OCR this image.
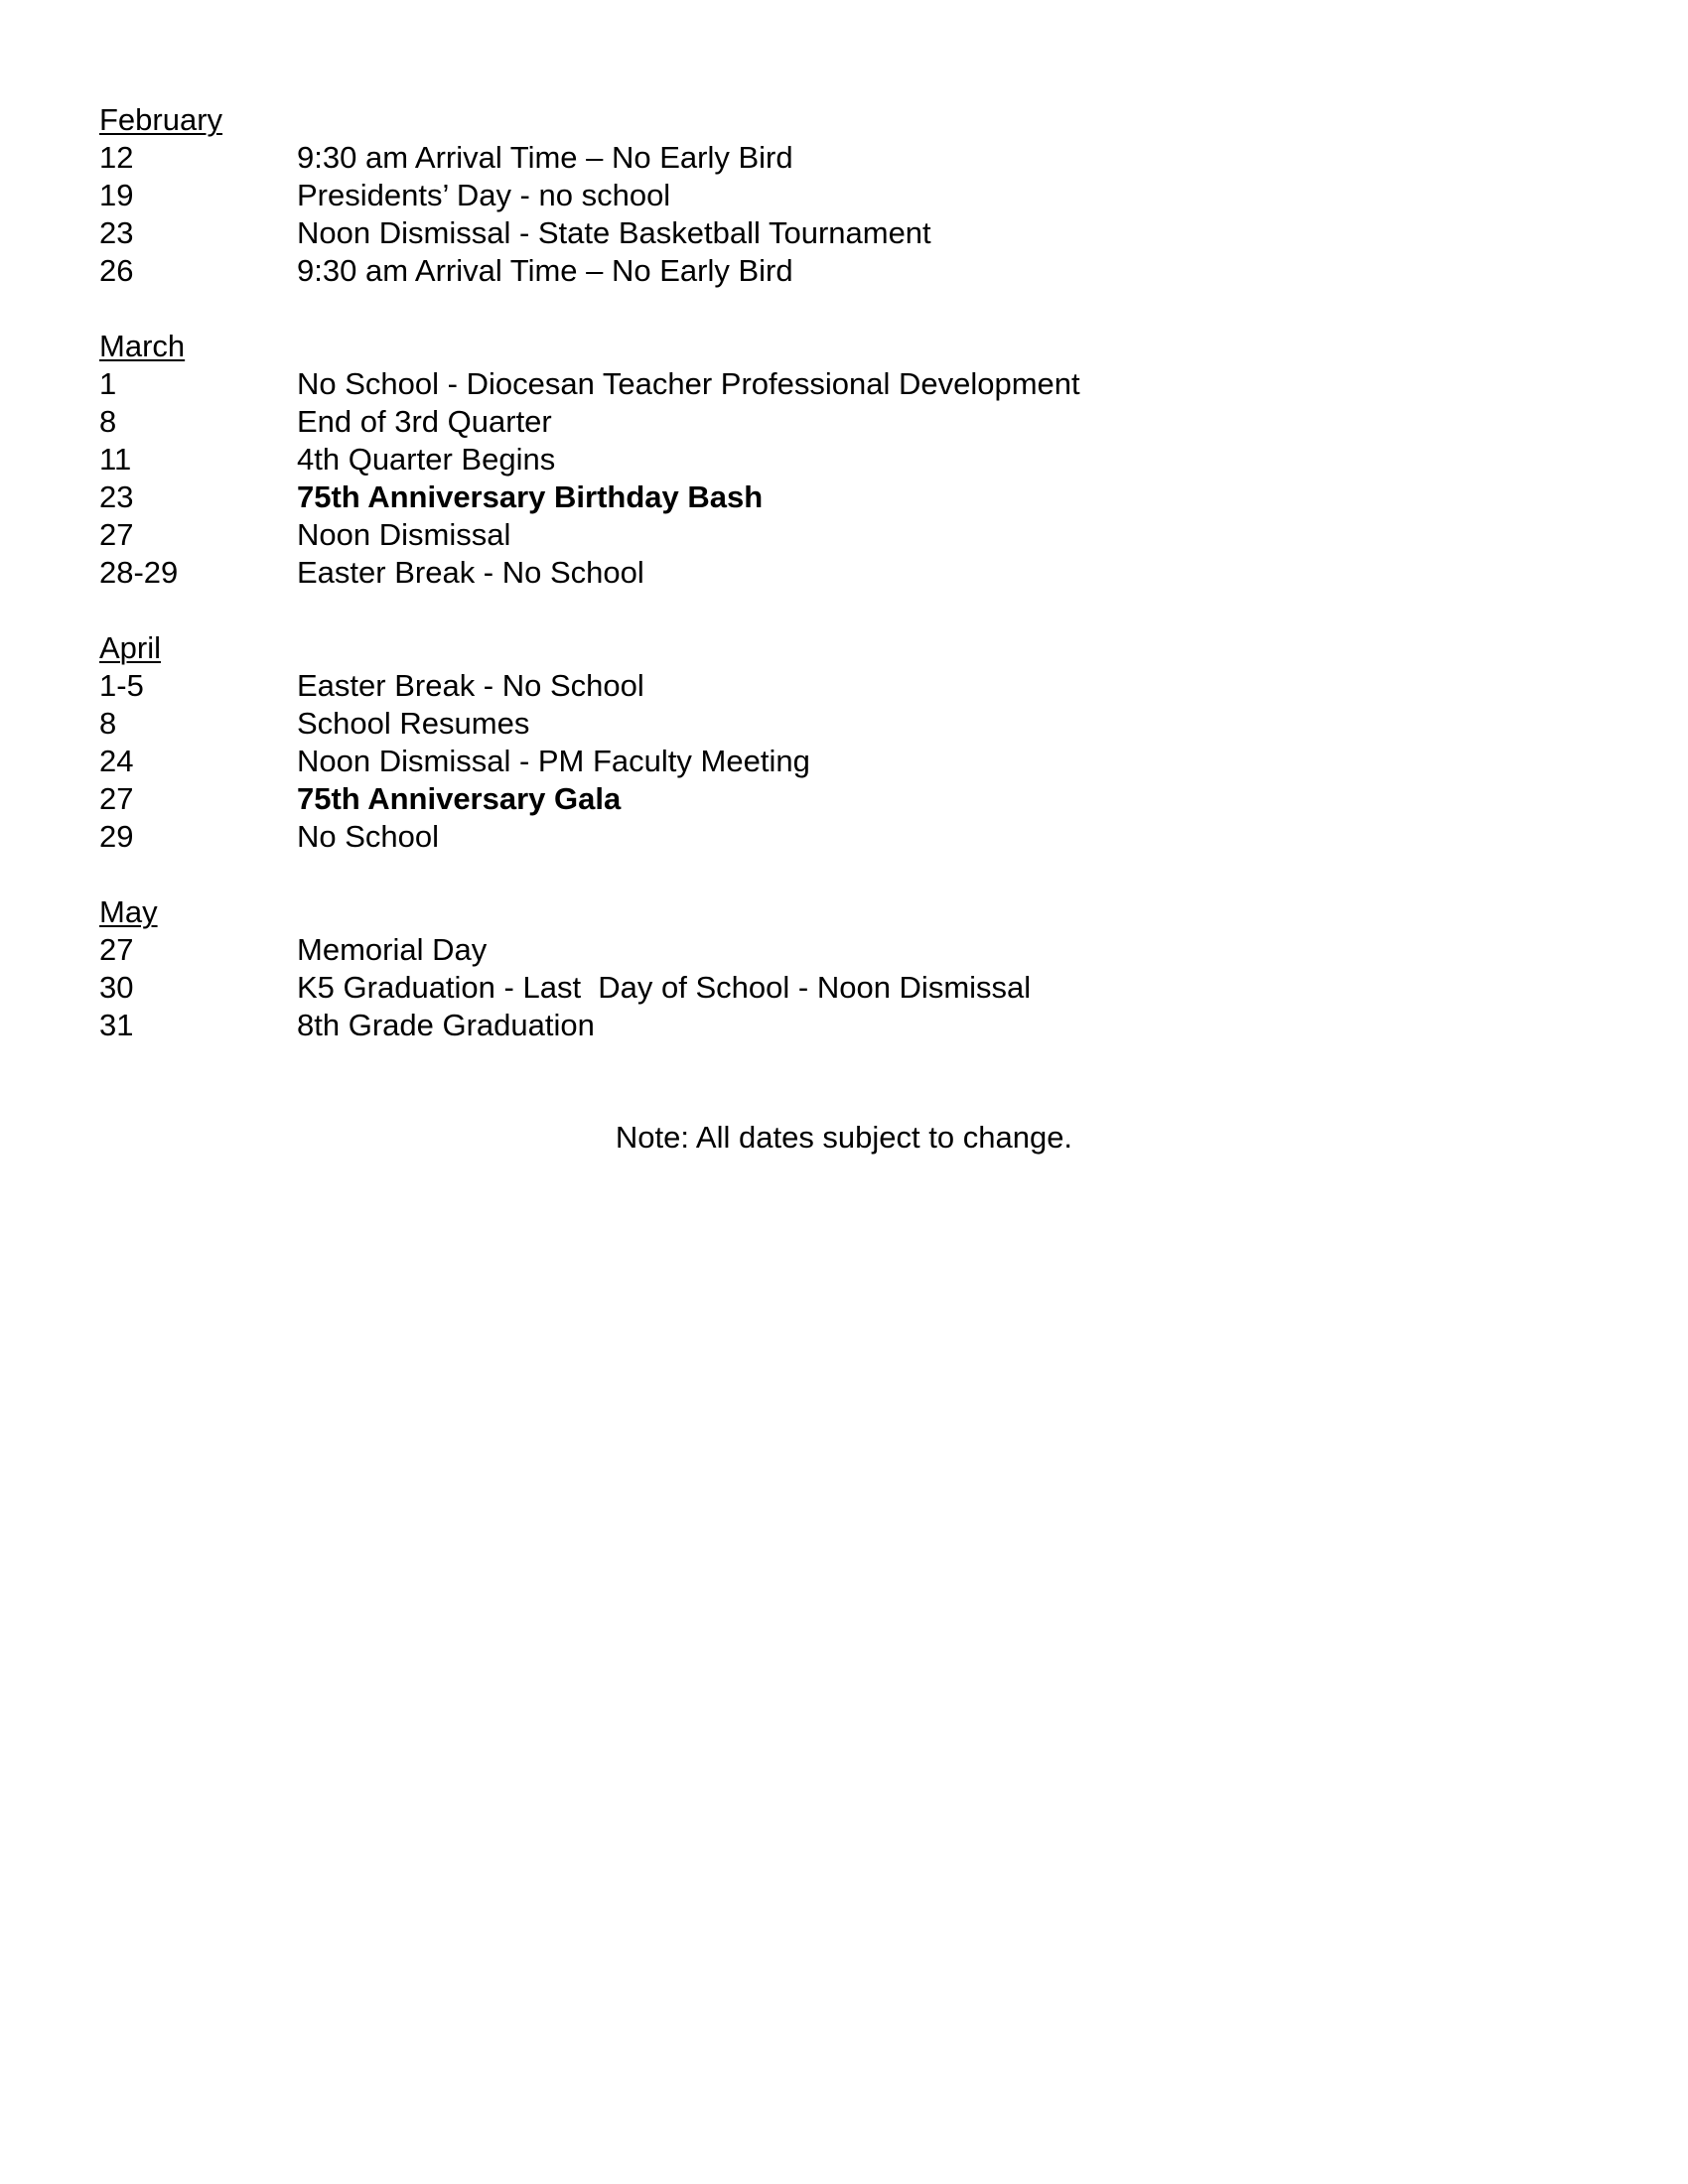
February
12	9:30 am Arrival Time – No Early Bird
19	Presidents’ Day - no school
23	Noon Dismissal - State Basketball Tournament
26	9:30 am Arrival Time – No Early Bird
March
1	No School - Diocesan Teacher Professional Development
8	End of 3rd Quarter
11	4th Quarter Begins
23	75th Anniversary Birthday Bash
27	Noon Dismissal
28-29	Easter Break - No School
April
1-5	Easter Break - No School
8	School Resumes
24	Noon Dismissal - PM Faculty Meeting
27	75th Anniversary Gala
29	No School
May
27	Memorial Day
30	K5 Graduation - Last  Day of School - Noon Dismissal
31	8th Grade Graduation
Note: All dates subject to change.
